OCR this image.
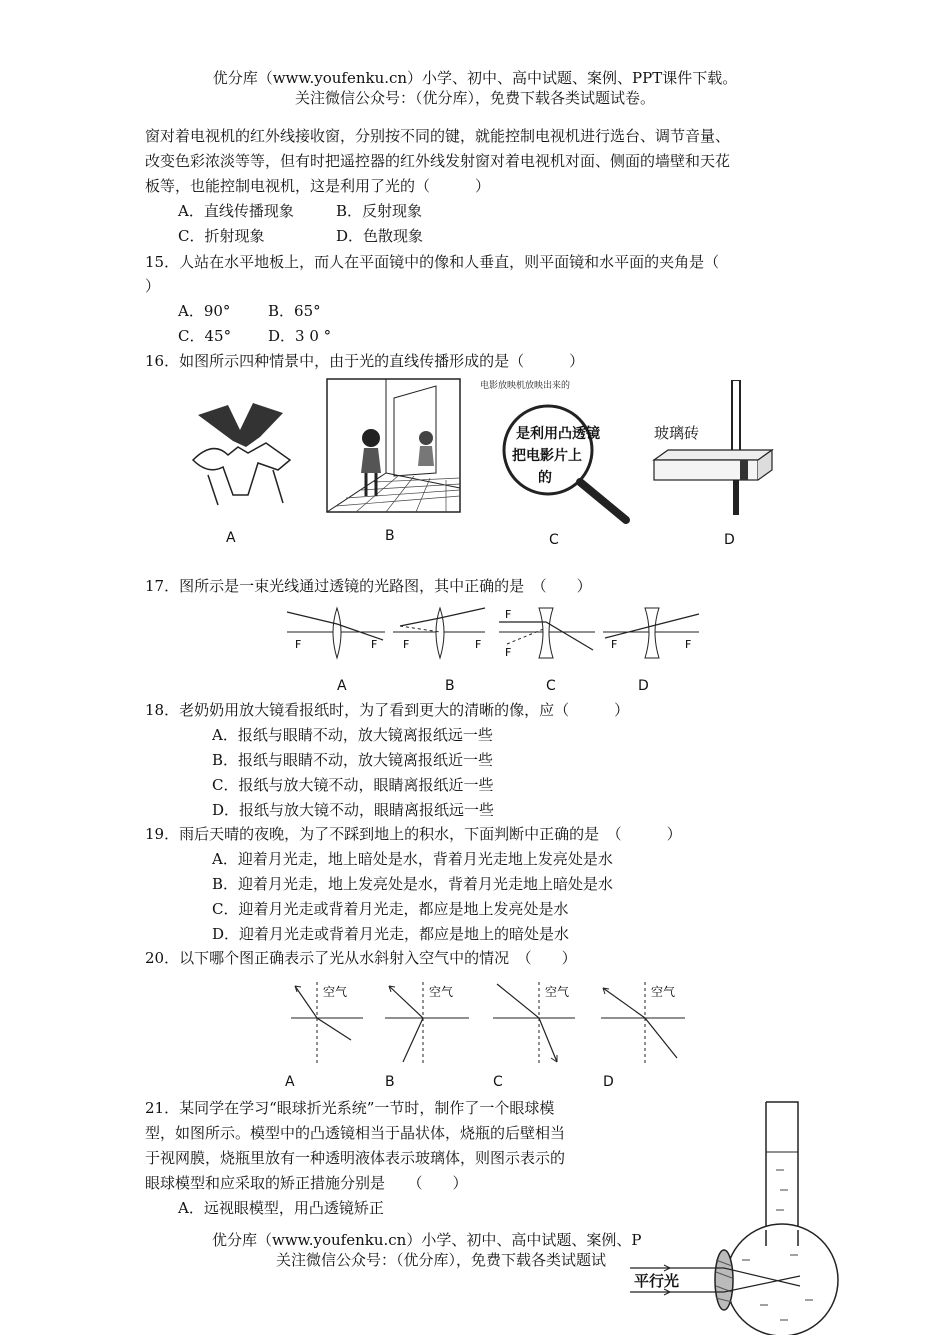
优分库（www.youfenku.cn）小学、初中、高中试题、案例、PPT课件下载。
关注微信公众号：（优分库），免费下载各类试题试卷。
窗对着电视机的红外线接收窗，分别按不同的键，就能控制电视机进行选台、调节音量、
改变色彩浓淡等等，但有时把遥控器的红外线发射窗对着电视机对面、侧面的墙壁和天花
板等，也能控制电视机，这是利用了光的（　　　）
A．直线传播现象	B．反射现象
C．折射现象	D．色散现象
15．人站在水平地板上，而人在平面镜中的像和人垂直，则平面镜和水平面的夹角是（
）
A．90°	B．65°
C．45° D．3 0 °
16．如图所示四种情景中，由于光的直线传播形成的是（　　　）
A	B
电影放映机放映出来的
是利用凸透镜
把电影片上
的
C
玻璃砖
D
17．图所示是一束光线通过透镜的光路图，其中正确的是　（　　）
F	F F	F
F
F
F	F
A	B	C	D
18．老奶奶用放大镜看报纸时，为了看到更大的清晰的像，应（　　　）
A．报纸与眼睛不动，放大镜离报纸远一些
B．报纸与眼睛不动，放大镜离报纸近一些
C．报纸与放大镜不动，眼睛离报纸近一些
D．报纸与放大镜不动，眼睛离报纸远一些
19．雨后天晴的夜晚，为了不踩到地上的积水，下面判断中正确的是　（　　　）
A．迎着月光走，地上暗处是水，背着月光走地上发亮处是水
B．迎着月光走，地上发亮处是水，背着月光走地上暗处是水
C．迎着月光走或背着月光走，都应是地上发亮处是水
D．迎着月光走或背着月光走，都应是地上的暗处是水
20．以下哪个图正确表示了光从水斜射入空气中的情况　（　　）
空气	空气	空气	空气
A	B	C	D
21．某同学在学习“眼球折光系统”一节时，制作了一个眼球模
型，如图所示。模型中的凸透镜相当于晶状体，烧瓶的后壁相当
于视网膜，烧瓶里放有一种透明液体表示玻璃体，则图示表示的
眼球模型和应采取的矫正措施分别是　　（　　）
A．远视眼模型，用凸透镜矫正
平行光
优分库（www.youfenku.cn）小学、初中、高中试题、案例、P
关注微信公众号：（优分库），免费下载各类试题试
